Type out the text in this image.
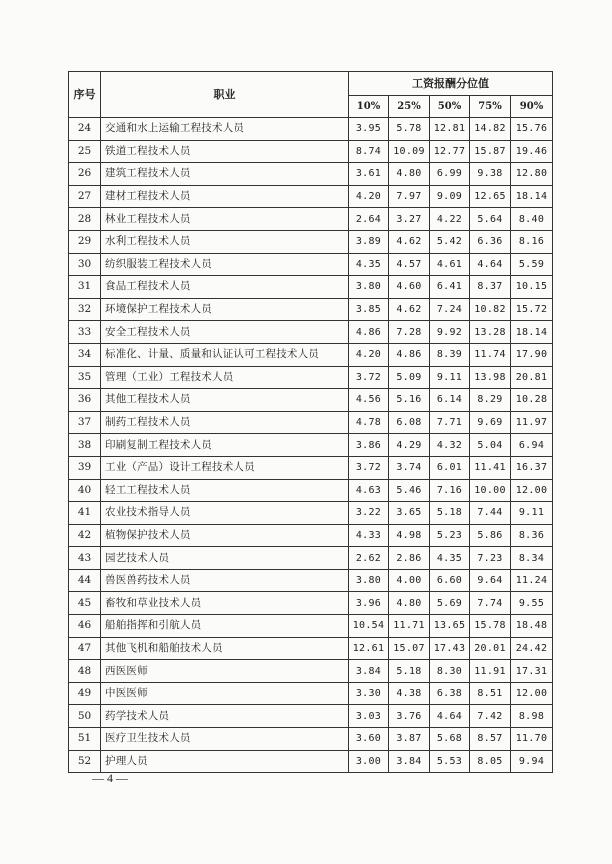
序号	职业	工资报酬分位值				
		10%	25%	50%	75%	90%
24	交通和水上运输工程技术人员	3.95	5.78	12.81	14.82	15.76
25	铁道工程技术人员	8.74	10.09	12.77	15.87	19.46
26	建筑工程技术人员	3.61	4.80	6.99	9.38	12.80
27	建材工程技术人员	4.20	7.97	9.09	12.65	18.14
28	林业工程技术人员	2.64	3.27	4.22	5.64	8.40
29	水利工程技术人员	3.89	4.62	5.42	6.36	8.16
30	纺织服装工程技术人员	4.35	4.57	4.61	4.64	5.59
31	食品工程技术人员	3.80	4.60	6.41	8.37	10.15
32	环境保护工程技术人员	3.85	4.62	7.24	10.82	15.72
33	安全工程技术人员	4.86	7.28	9.92	13.28	18.14
34	标准化、计量、质量和认证认可工程技术人员	4.20	4.86	8.39	11.74	17.90
35	管理（工业）工程技术人员	3.72	5.09	9.11	13.98	20.81
36	其他工程技术人员	4.56	5.16	6.14	8.29	10.28
37	制药工程技术人员	4.78	6.08	7.71	9.69	11.97
38	印刷复制工程技术人员	3.86	4.29	4.32	5.04	6.94
39	工业（产品）设计工程技术人员	3.72	3.74	6.01	11.41	16.37
40	轻工工程技术人员	4.63	5.46	7.16	10.00	12.00
41	农业技术指导人员	3.22	3.65	5.18	7.44	9.11
42	植物保护技术人员	4.33	4.98	5.23	5.86	8.36
43	园艺技术人员	2.62	2.86	4.35	7.23	8.34
44	兽医兽药技术人员	3.80	4.00	6.60	9.64	11.24
45	畜牧和草业技术人员	3.96	4.80	5.69	7.74	9.55
46	船舶指挥和引航人员	10.54	11.71	13.65	15.78	18.48
47	其他飞机和船舶技术人员	12.61	15.07	17.43	20.01	24.42
48	西医医师	3.84	5.18	8.30	11.91	17.31
49	中医医师	3.30	4.38	6.38	8.51	12.00
50	药学技术人员	3.03	3.76	4.64	7.42	8.98
51	医疗卫生技术人员	3.60	3.87	5.68	8.57	11.70
52	护理人员	3.00	3.84	5.53	8.05	9.94
— 4 —
